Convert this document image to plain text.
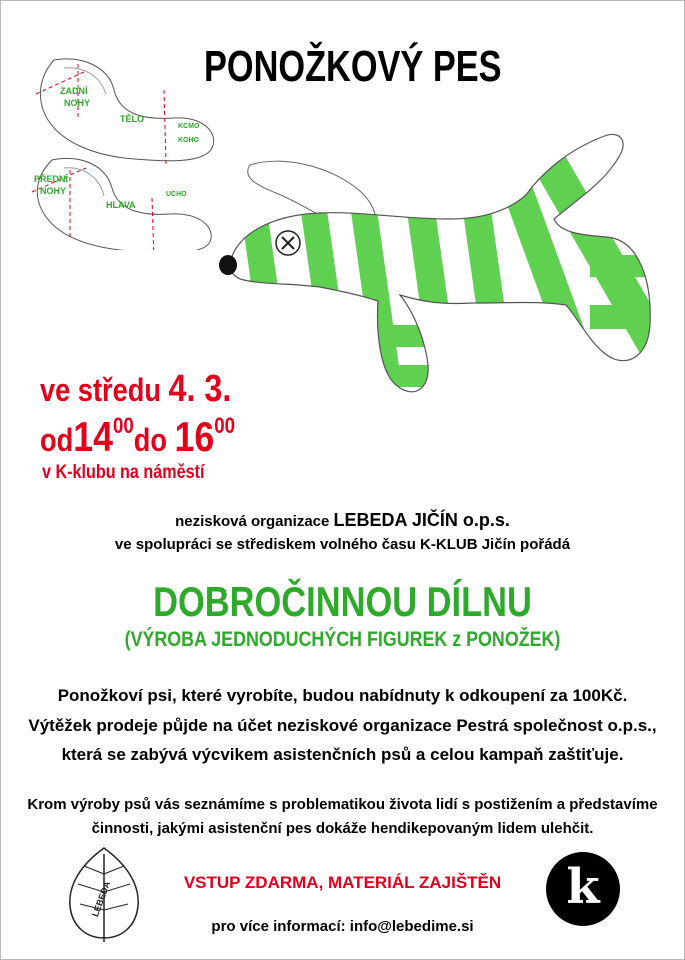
PONOŽKOVÝ PES
ZADNÍ
NOHY
TĚLO
KCMO
KOHO
PŘEDNÍ
NOHY
HLAVA
UCHO
ve středu 4. 3.
$od14^{00}do$ $16^{00}$
v K-klubu na náměstí
nezisková organizace LEBEDA JIČÍN o.p.s.
ve spolupráci se střediskem volného času K-KLUB Jičín pořádá
DOBROČINNOU DÍLNU
(VÝROBA JEDNODUCHÝCH FIGUREK z PONOŽEK)
Ponožkoví psi, které vyrobíte, budou nabídnuty k odkoupení za 100Kč.
Výtěžek prodeje půjde na účet neziskové organizace Pestrá společnost o.p.s.,
která se zabývá výcvikem asistenčních psů a celou kampaň zaštiťuje.
Krom výroby psů vás seznámíme s problematikou života lidí s postižením a představíme
činnosti, jakými asistenční pes dokáže hendikepovaným lidem ulehčit.
LEBEDA	VSTUP ZDARMA, MATERIÁL ZAJIŠTĚN
pro více informací: info@lebedime.si
k
